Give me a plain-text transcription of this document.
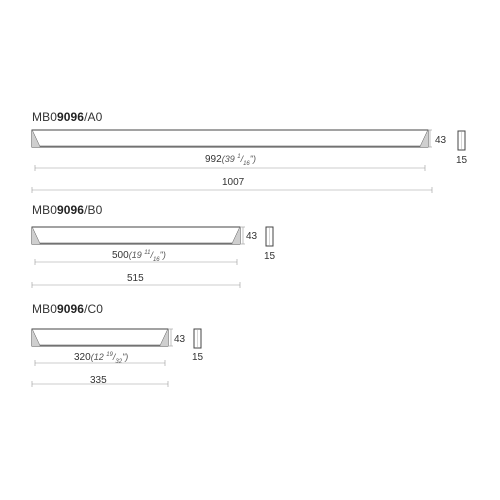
MB09096/A0
992(39 $^1/_{16}$")
1007
43
15
MB09096/B0
500(19 $^{11}/_{16}$")
515
43
15
MB09096/C0
320(12 $^{19}/_{32}$")
335
43
15
